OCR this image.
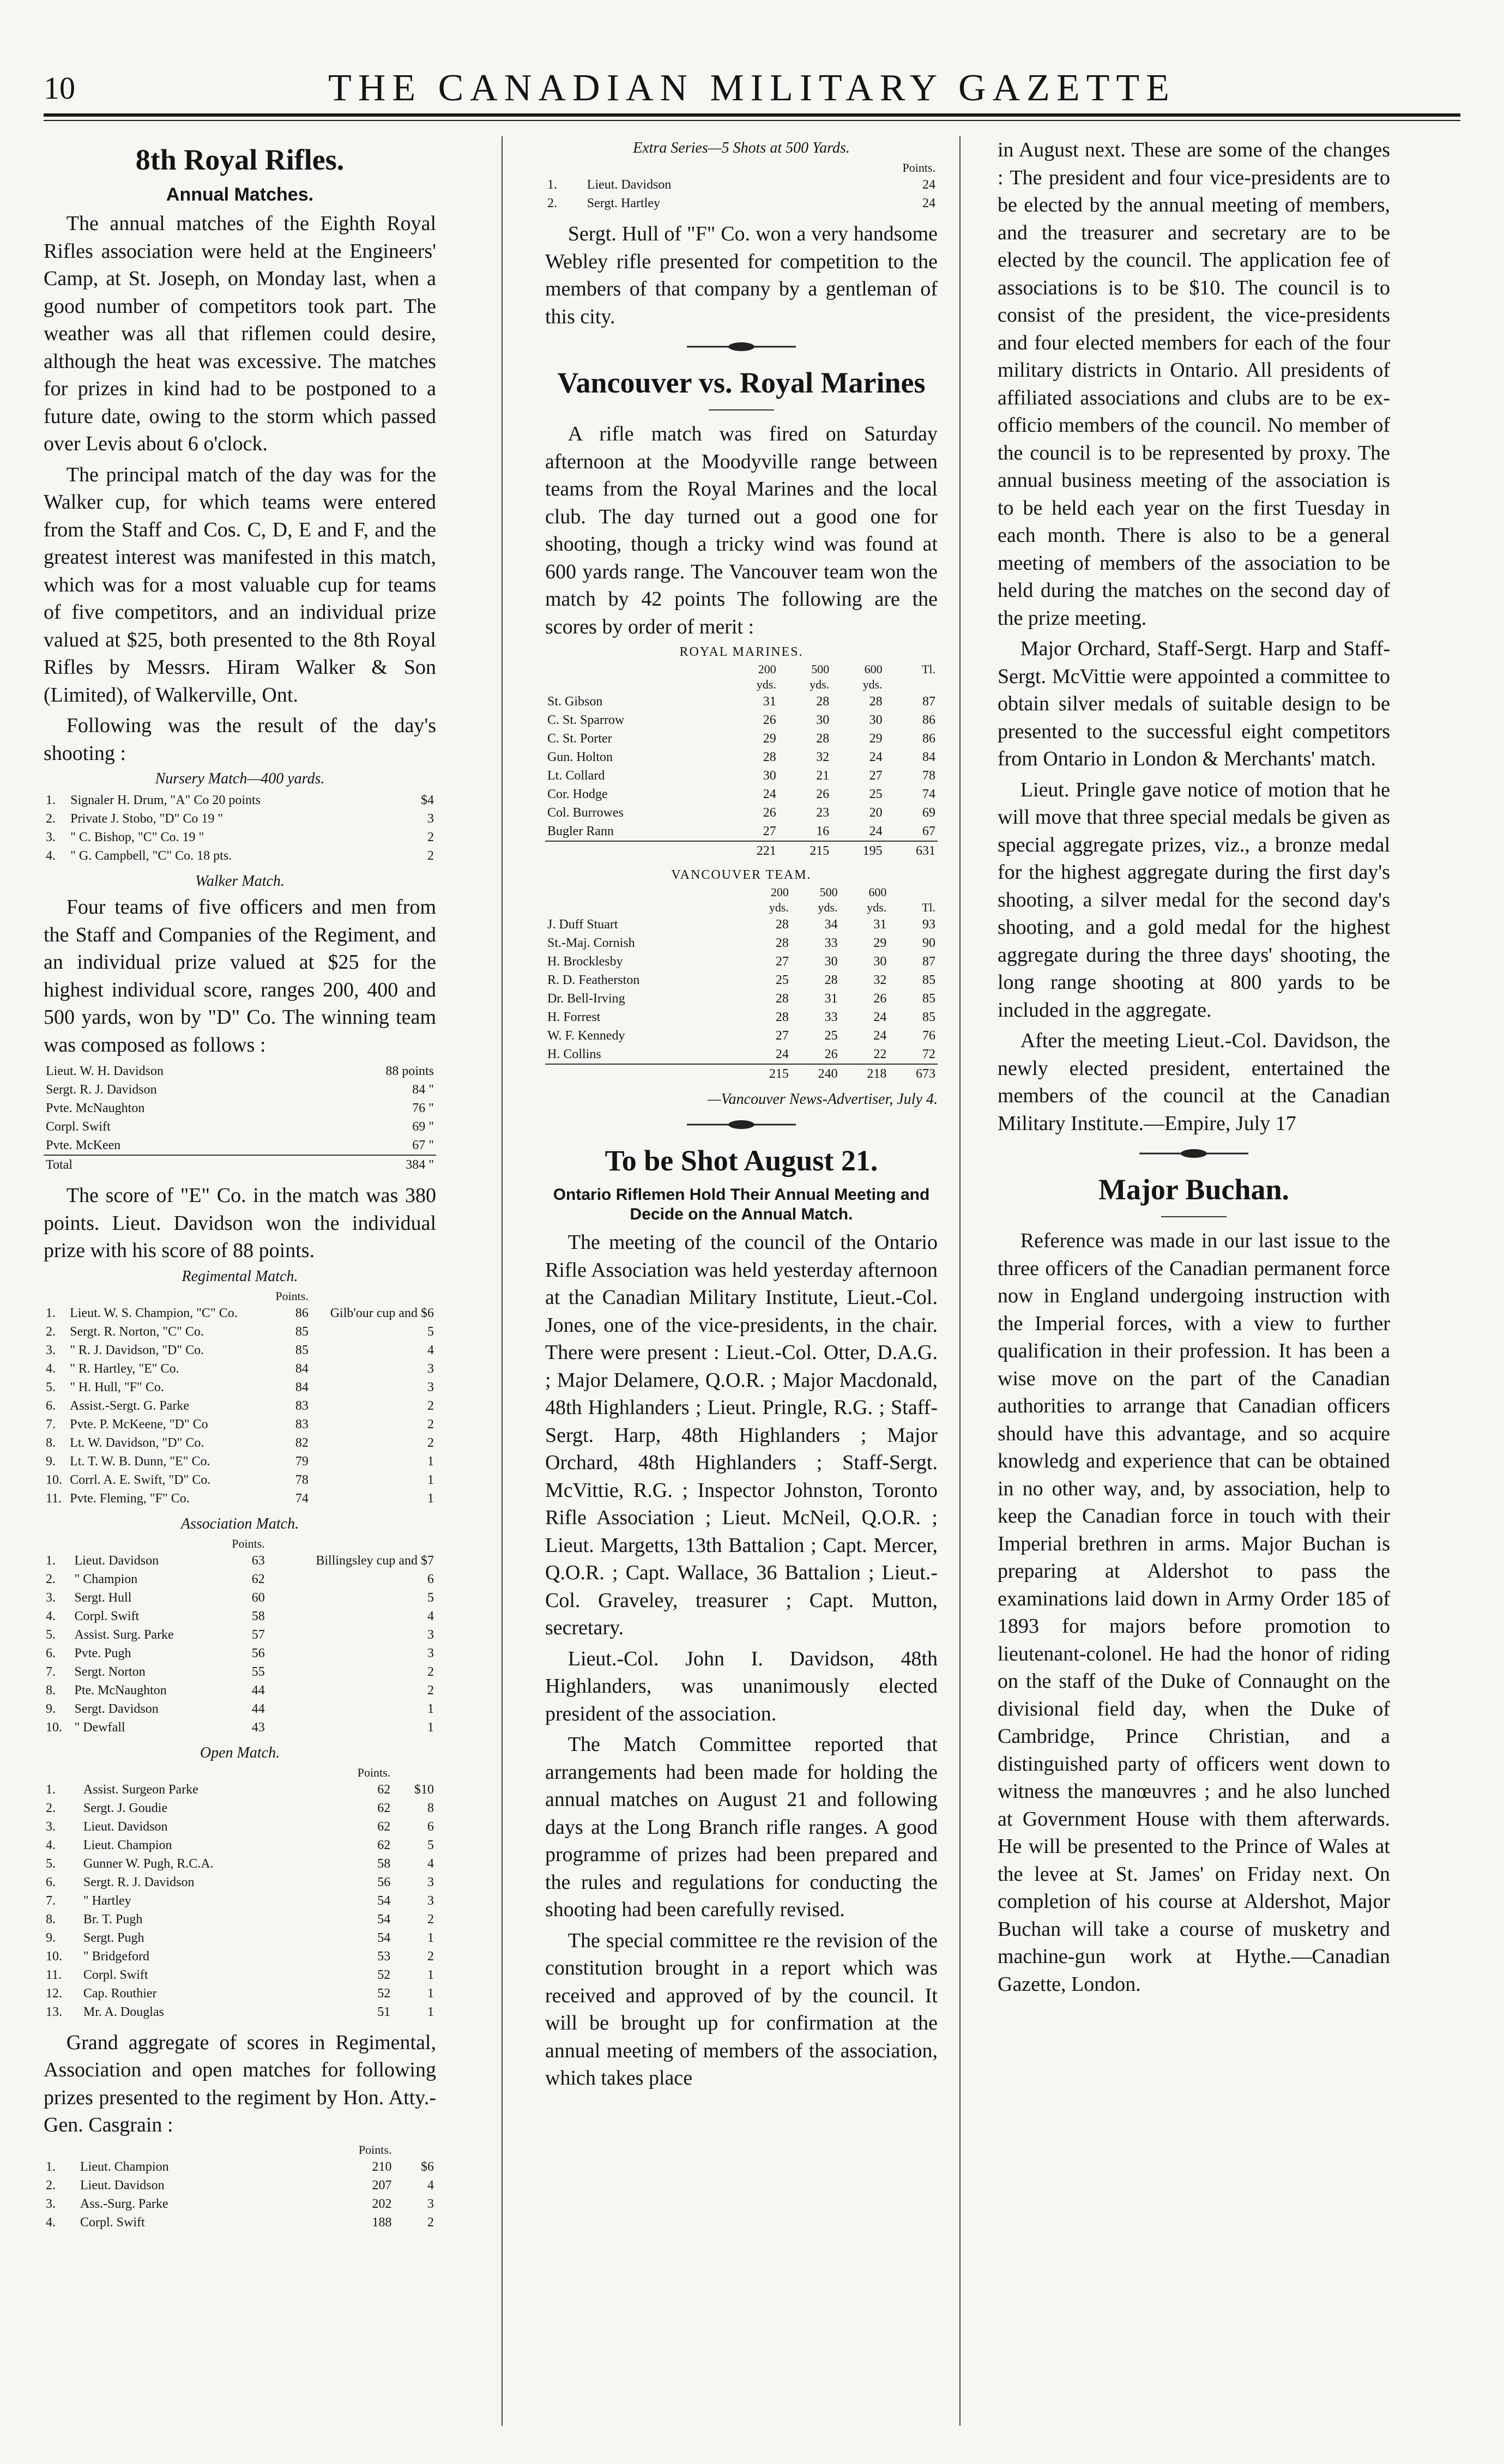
10	THE CANADIAN MILITARY GAZETTE
8th Royal Rifles.
Annual Matches.

The annual matches of the Eighth Royal Rifles association were held at the Engineers' Camp, at St. Joseph, on Monday last, when a good number of competitors took part. The weather was all that riflemen could desire, although the heat was excessive. The matches for prizes in kind had to be postponed to a future date, owing to the storm which passed over Levis about 6 o'clock.

The principal match of the day was for the Walker cup, for which teams were entered from the Staff and Cos. C, D, E and F, and the greatest interest was manifested in this match, which was for a most valuable cup for teams of five competitors, and an individual prize valued at $25, both presented to the 8th Royal Rifles by Messrs. Hiram Walker & Son (Limited), of Walkerville, Ont.

Following was the result of the day's shooting :

Nursery Match—400 yards.
1.	Signaler H. Drum, "A" Co 20 points	$4
2.	Private J. Stobo, "D" Co 19 "	3
3.	" C. Bishop, "C" Co. 19 "	2
4.	" G. Campbell, "C" Co. 18 pts.	2
Walker Match.

Four teams of five officers and men from the Staff and Companies of the Regiment, and an individual prize valued at $25 for the highest individual score, ranges 200, 400 and 500 yards, won by "D" Co. The winning team was composed as follows :

Lieut. W. H. Davidson	88 points
Sergt. R. J. Davidson	84 "
Pvte. McNaughton	76 "
Corpl. Swift	69 "
Pvte. McKeen	67 "
Total	384 "

The score of "E" Co. in the match was 380 points. Lieut. Davidson won the individual prize with his score of 88 points.

Regimental Match.
		Points.	
1.	Lieut. W. S. Champion, "C" Co.	86	Gilb'our cup and $6
2.	Sergt. R. Norton, "C" Co.	85	5
3.	" R. J. Davidson, "D" Co.	85	4
4.	" R. Hartley, "E" Co.	84	3
5.	" H. Hull, "F" Co.	84	3
6.	Assist.-Sergt. G. Parke	83	2
7.	Pvte. P. McKeene, "D" Co	83	2
8.	Lt. W. Davidson, "D" Co.	82	2
9.	Lt. T. W. B. Dunn, "E" Co.	79	1
10.	Corrl. A. E. Swift, "D" Co.	78	1
11.	Pvte. Fleming, "F" Co.	74	1
Association Match.
		Points.	
1.	Lieut. Davidson	63	Billingsley cup and $7
2.	" Champion	62	6
3.	Sergt. Hull	60	5
4.	Corpl. Swift	58	4
5.	Assist. Surg. Parke	57	3
6.	Pvte. Pugh	56	3
7.	Sergt. Norton	55	2
8.	Pte. McNaughton	44	2
9.	Sergt. Davidson	44	1
10.	" Dewfall	43	1
Open Match.
		Points.	
1.	Assist. Surgeon Parke	62	$10
2.	Sergt. J. Goudie	62	8
3.	Lieut. Davidson	62	6
4.	Lieut. Champion	62	5
5.	Gunner W. Pugh, R.C.A.	58	4
6.	Sergt. R. J. Davidson	56	3
7.	" Hartley	54	3
8.	Br. T. Pugh	54	2
9.	Sergt. Pugh	54	1
10.	" Bridgeford	53	2
11.	Corpl. Swift	52	1
12.	Cap. Routhier	52	1
13.	Mr. A. Douglas	51	1

Grand aggregate of scores in Regimental, Association and open matches for following prizes presented to the regiment by Hon. Atty.-Gen. Casgrain :

		Points.	
1.	Lieut. Champion	210	$6
2.	Lieut. Davidson	207	4
3.	Ass.-Surg. Parke	202	3
4.	Corpl. Swift	188	2
Extra Series—5 Shots at 500 Yards.
		Points.
1.	Lieut. Davidson	24
2.	Sergt. Hartley	24

Sergt. Hull of "F" Co. won a very handsome Webley rifle presented for competition to the members of that company by a gentleman of this city.

Vancouver vs. Royal Marines

A rifle match was fired on Saturday afternoon at the Moodyville range between teams from the Royal Marines and the local club. The day turned out a good one for shooting, though a tricky wind was found at 600 yards range. The Vancouver team won the match by 42 points The following are the scores by order of merit :

ROYAL MARINES.
	200	500	600	Tl.
	yds.	yds.	yds.	
St. Gibson	31	28	28	87
C. St. Sparrow	26	30	30	86
C. St. Porter	29	28	29	86
Gun. Holton	28	32	24	84
Lt. Collard	30	21	27	78
Cor. Hodge	24	26	25	74
Col. Burrowes	26	23	20	69
Bugler Rann	27	16	24	67
	221	215	195	631
VANCOUVER TEAM.
	200	500	600	
	yds.	yds.	yds.	Tl.
J. Duff Stuart	28	34	31	93
St.-Maj. Cornish	28	33	29	90
H. Brocklesby	27	30	30	87
R. D. Featherston	25	28	32	85
Dr. Bell-Irving	28	31	26	85
H. Forrest	28	33	24	85
W. F. Kennedy	27	25	24	76
H. Collins	24	26	22	72
	215	240	218	673
—Vancouver News-Advertiser, July 4.
To be Shot August 21.
Ontario Riflemen Hold Their Annual Meeting and Decide on the Annual Match.

The meeting of the council of the Ontario Rifle Association was held yesterday afternoon at the Canadian Military Institute, Lieut.-Col. Jones, one of the vice-presidents, in the chair. There were present : Lieut.-Col. Otter, D.A.G. ; Major Delamere, Q.O.R. ; Major Macdonald, 48th Highlanders ; Lieut. Pringle, R.G. ; Staff-Sergt. Harp, 48th Highlanders ; Major Orchard, 48th Highlanders ; Staff-Sergt. McVittie, R.G. ; Inspector Johnston, Toronto Rifle Association ; Lieut. McNeil, Q.O.R. ; Lieut. Margetts, 13th Battalion ; Capt. Mercer, Q.O.R. ; Capt. Wallace, 36 Battalion ; Lieut.-Col. Graveley, treasurer ; Capt. Mutton, secretary.

Lieut.-Col. John I. Davidson, 48th Highlanders, was unanimously elected president of the association.

The Match Committee reported that arrangements had been made for holding the annual matches on August 21 and following days at the Long Branch rifle ranges. A good programme of prizes had been prepared and the rules and regulations for conducting the shooting had been carefully revised.

The special committee re the revision of the constitution brought in a report which was received and approved of by the council. It will be brought up for confirmation at the annual meeting of members of the association, which takes place

in August next. These are some of the changes : The president and four vice-presidents are to be elected by the annual meeting of members, and the treasurer and secretary are to be elected by the council. The application fee of associations is to be $10. The council is to consist of the president, the vice-presidents and four elected members for each of the four military districts in Ontario. All presidents of affiliated associations and clubs are to be ex-officio members of the council. No member of the council is to be represented by proxy. The annual business meeting of the association is to be held each year on the first Tuesday in each month. There is also to be a general meeting of members of the association to be held during the matches on the second day of the prize meeting.

Major Orchard, Staff-Sergt. Harp and Staff-Sergt. McVittie were appointed a committee to obtain silver medals of suitable design to be presented to the successful eight competitors from Ontario in London & Merchants' match.

Lieut. Pringle gave notice of motion that he will move that three special medals be given as special aggregate prizes, viz., a bronze medal for the highest aggregate during the first day's shooting, a silver medal for the second day's shooting, and a gold medal for the highest aggregate during the three days' shooting, the long range shooting at 800 yards to be included in the aggregate.

After the meeting Lieut.-Col. Davidson, the newly elected president, entertained the members of the council at the Canadian Military Institute.—Empire, July 17

Major Buchan.

Reference was made in our last issue to the three officers of the Canadian permanent force now in England undergoing instruction with the Imperial forces, with a view to further qualification in their profession. It has been a wise move on the part of the Canadian authorities to arrange that Canadian officers should have this advantage, and so acquire knowledg and experience that can be obtained in no other way, and, by association, help to keep the Canadian force in touch with their Imperial brethren in arms. Major Buchan is preparing at Aldershot to pass the examinations laid down in Army Order 185 of 1893 for majors before promotion to lieutenant-colonel. He had the honor of riding on the staff of the Duke of Connaught on the divisional field day, when the Duke of Cambridge, Prince Christian, and a distinguished party of officers went down to witness the manœuvres ; and he also lunched at Government House with them afterwards. He will be presented to the Prince of Wales at the levee at St. James' on Friday next. On completion of his course at Aldershot, Major Buchan will take a course of musketry and machine-gun work at Hythe.—Canadian Gazette, London.
